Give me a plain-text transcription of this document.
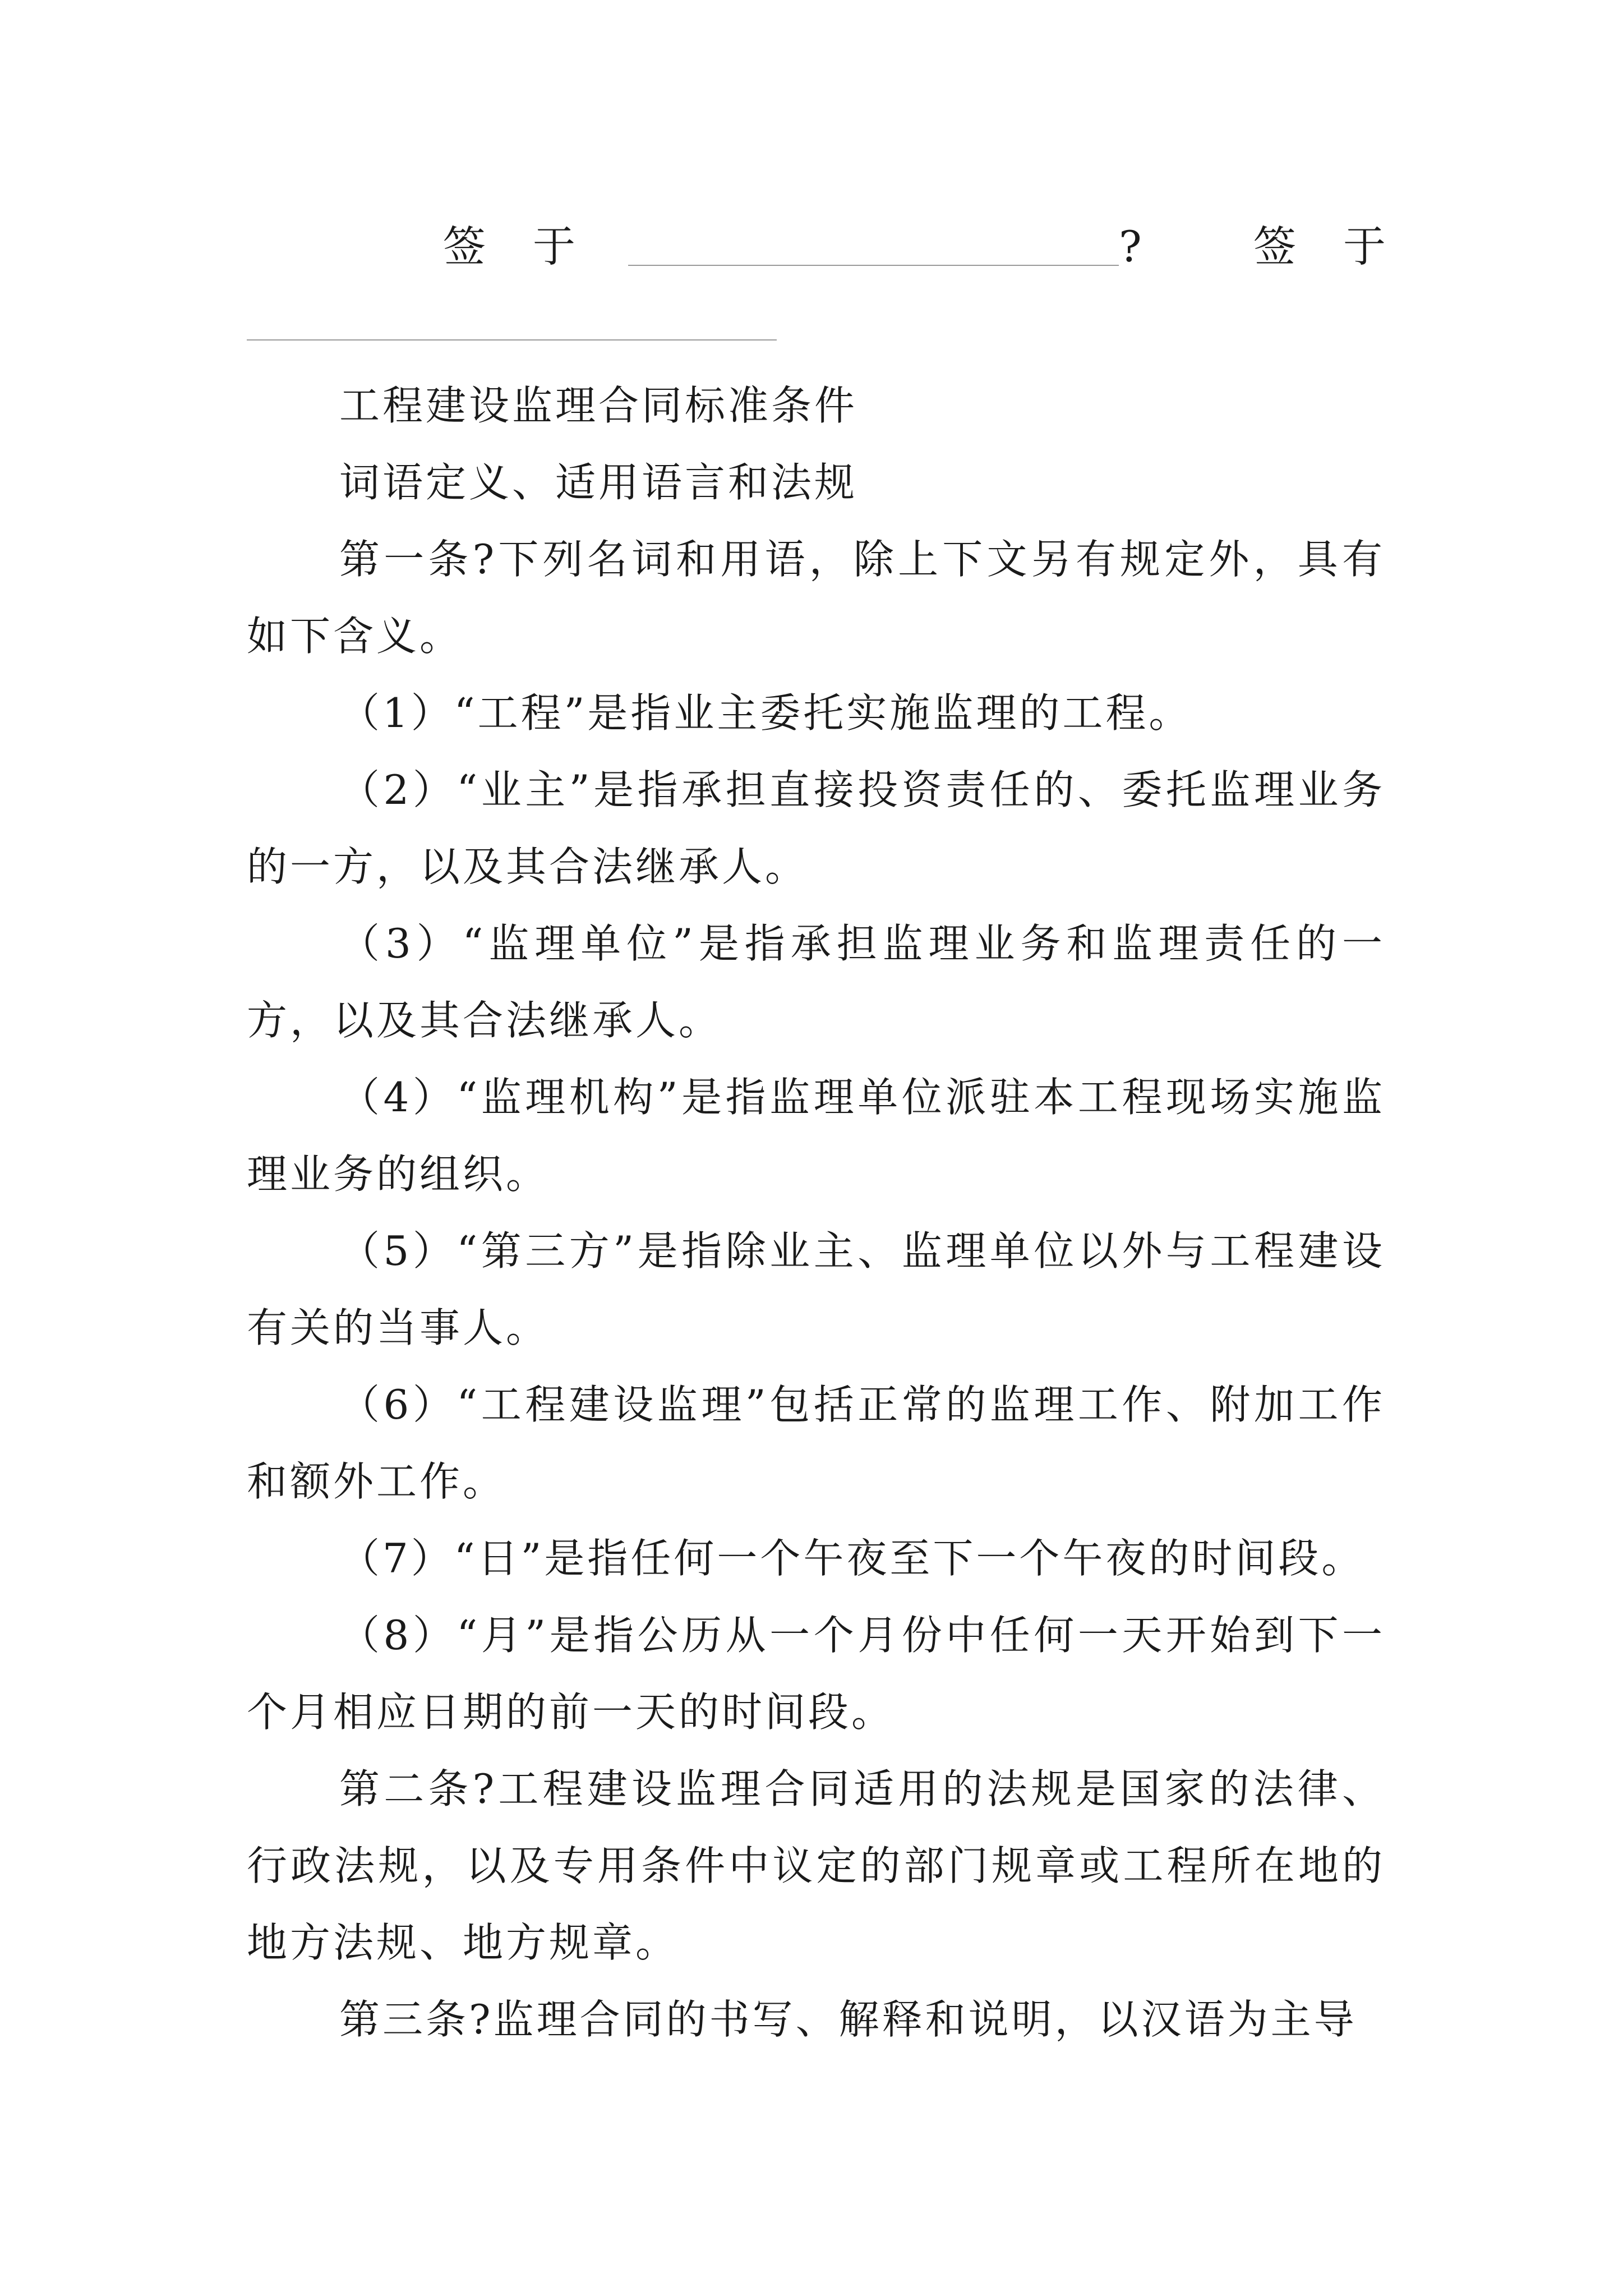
签于	?	签于

工程建设监理合同标准条件

词语定义、适用语言和法规

第一条?下列名词和用语，除上下文另有规定外，具有如下含义。

（1）“工程”是指业主委托实施监理的工程。

（2）“业主”是指承担直接投资责任的、委托监理业务的一方，以及其合法继承人。

（3）“监理单位”是指承担监理业务和监理责任的一方，以及其合法继承人。

（4）“监理机构”是指监理单位派驻本工程现场实施监理业务的组织。

（5）“第三方”是指除业主、监理单位以外与工程建设有关的当事人。

（6）“工程建设监理”包括正常的监理工作、附加工作和额外工作。

（7）“日”是指任何一个午夜至下一个午夜的时间段。

（8）“月”是指公历从一个月份中任何一天开始到下一个月相应日期的前一天的时间段。

第二条?工程建设监理合同适用的法规是国家的法律、行政法规，以及专用条件中议定的部门规章或工程所在地的地方法规、地方规章。

第三条?监理合同的书写、解释和说明，以汉语为主导
